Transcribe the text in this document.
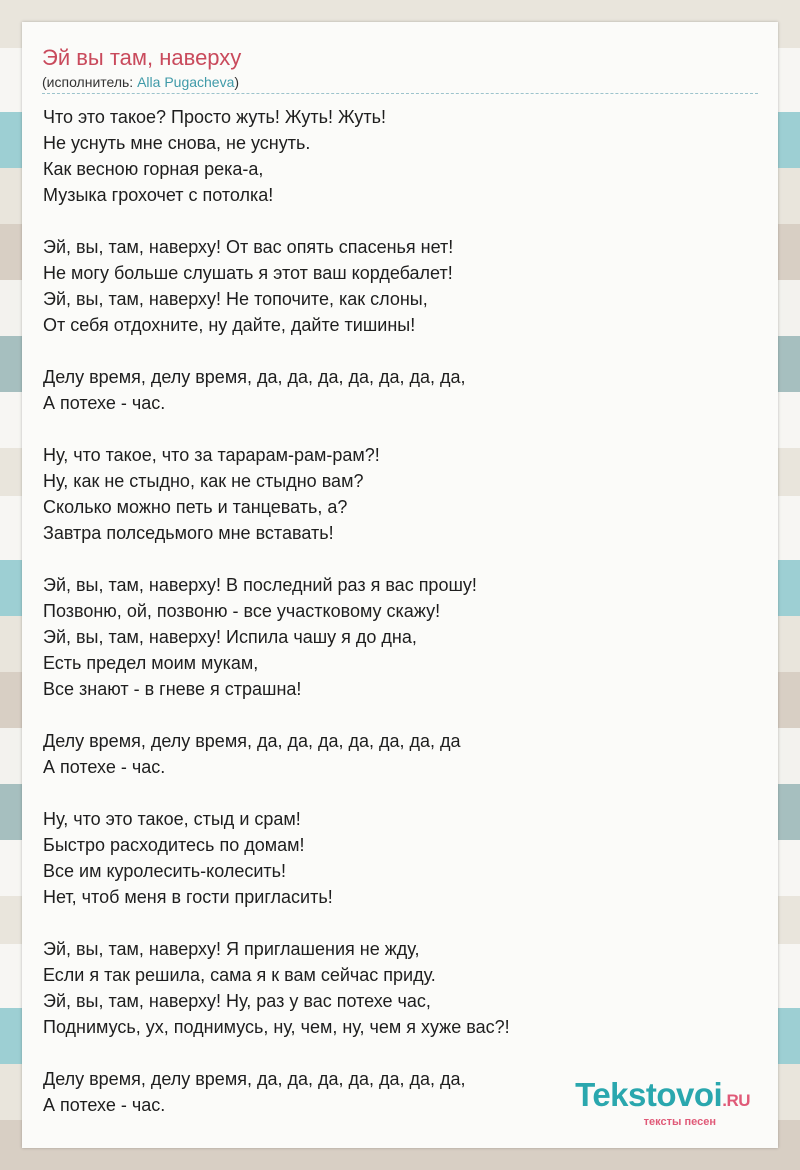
Эй вы там, наверху
(исполнитель: Alla Pugacheva)
Что это такое? Просто жуть! Жуть! Жуть!
Не уснуть мне снова, не уснуть.
Как весною горная река-а,
Музыка грохочет с потолка!
Эй, вы, там, наверху! От вас опять спасенья нет!
Не могу больше слушать я этот ваш кордебалет!
Эй, вы, там, наверху! Не топочите, как слоны,
От себя отдохните, ну дайте, дайте тишины!
Делу время, делу время, да, да, да, да, да, да, да,
А потехе - час.
Ну, что такое, что за тарарам-рам-рам?!
Ну, как не стыдно, как не стыдно вам?
Сколько можно петь и танцевать, а?
Завтра полседьмого мне вставать!
Эй, вы, там, наверху! В последний раз я вас прошу!
Позвоню, ой, позвоню - все участковому скажу!
Эй, вы, там, наверху! Испила чашу я до дна,
Есть предел моим мукам,
Все знают - в гневе я страшна!
Делу время, делу время, да, да, да, да, да, да, да
А потехе - час.
Ну, что это такое, стыд и срам!
Быстро расходитесь по домам!
Все им куролесить-колесить!
Нет, чтоб меня в гости пригласить!
Эй, вы, там, наверху! Я приглашения не жду,
Если я так решила, сама я к вам сейчас приду.
Эй, вы, там, наверху! Ну, раз у вас потехе час,
Поднимусь, ух, поднимусь, ну, чем, ну, чем я хуже вас?!
Делу время, делу время, да, да, да, да, да, да, да,
А потехе - час.	Tekstovoi.RU
тексты песен
